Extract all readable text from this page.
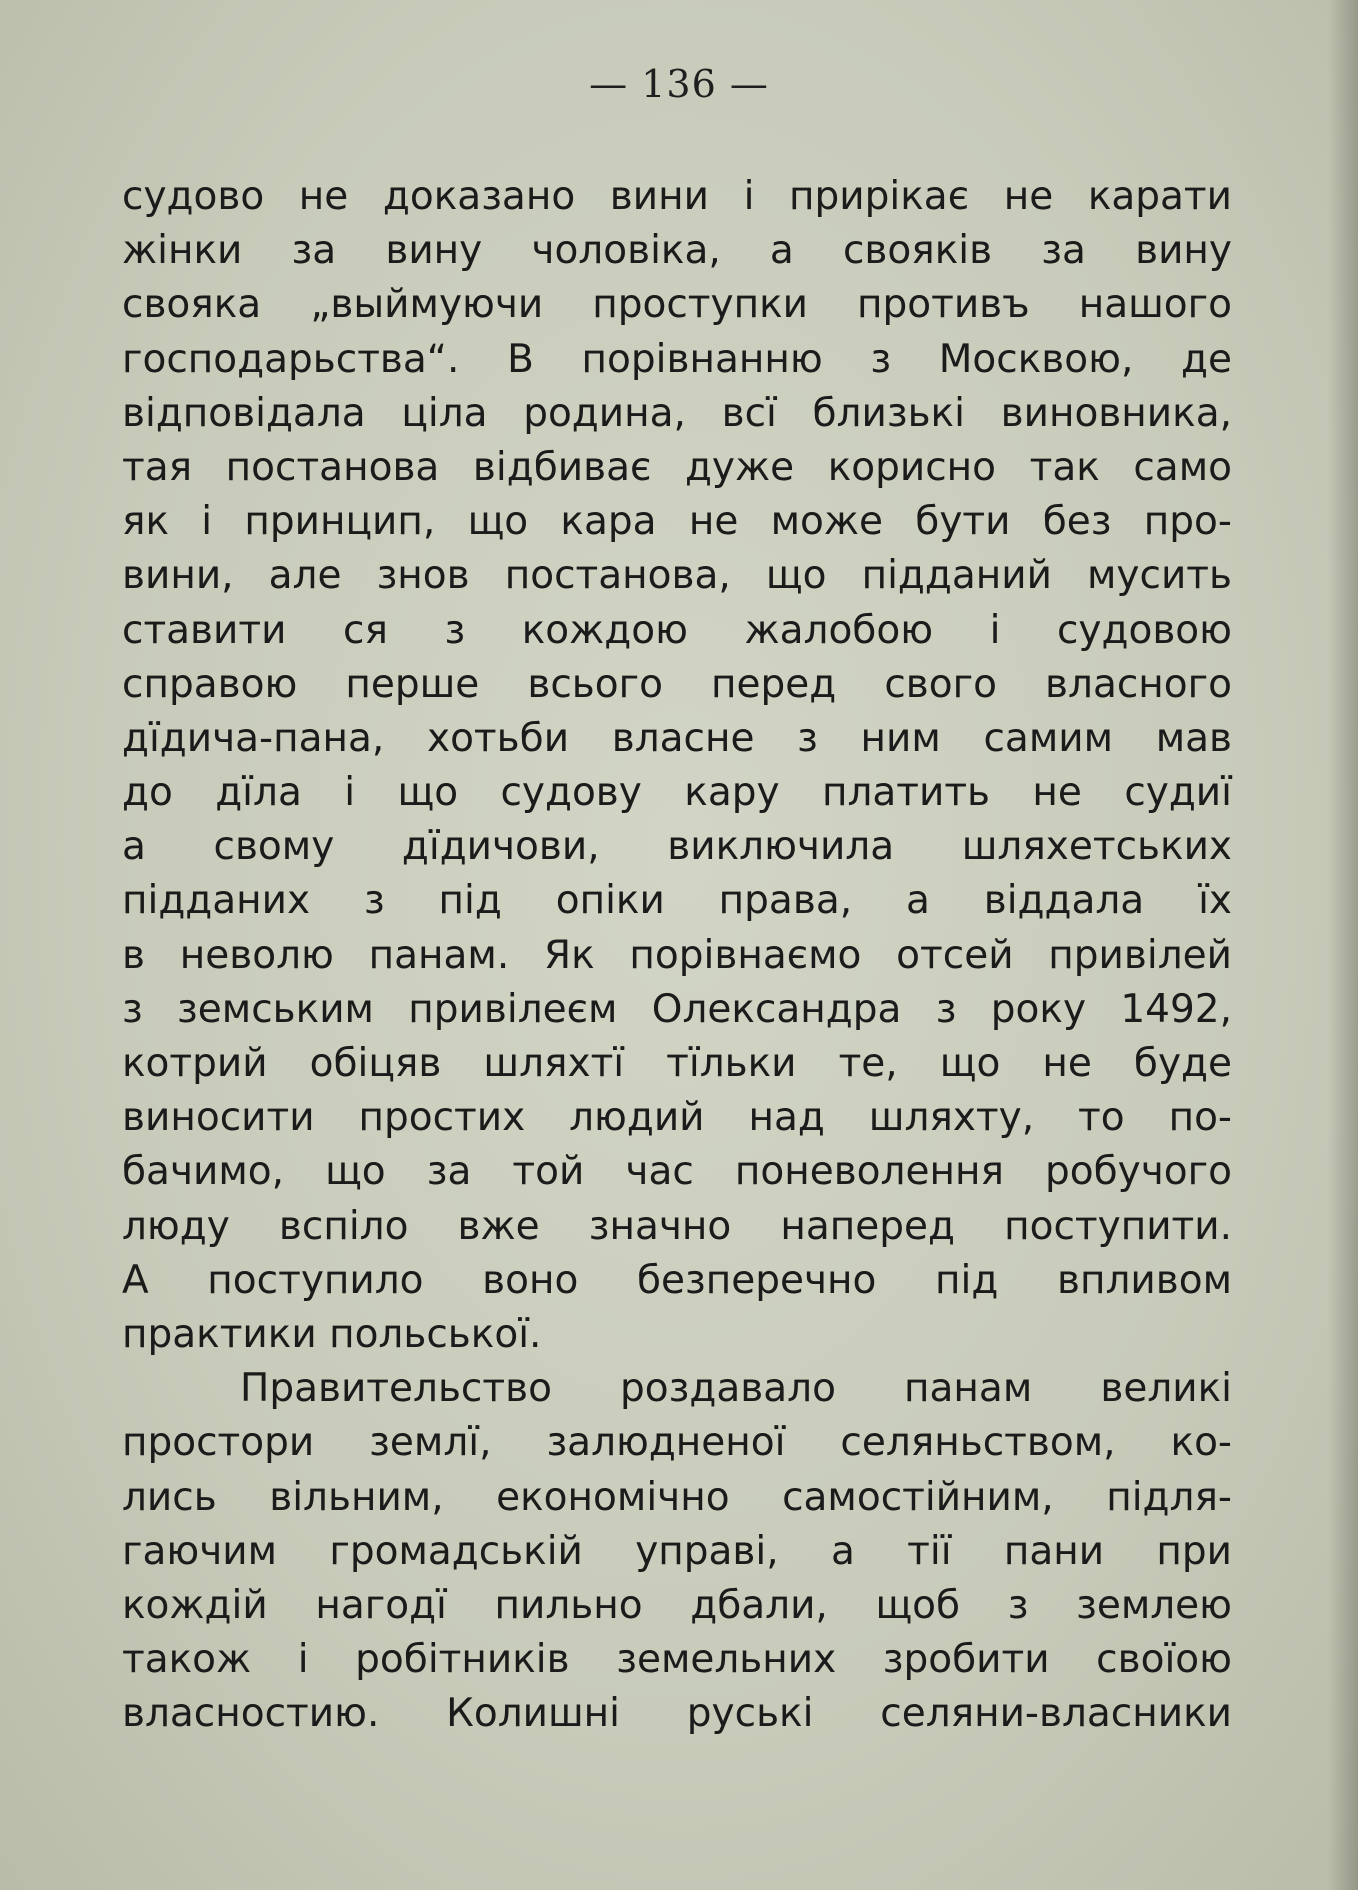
— 136 —
судово не доказано вини і прирікає не карати
жінки за вину чоловіка, а свояків за вину
свояка „выймуючи проступки противъ нашого
господарьства“. В порівнанню з Москвою, де
відповідала ціла родина, всї близькі виновника,
тая постанова відбиває дуже корисно так само
як і принцип, що кара не може бути без про-
вини, але знов постанова, що підданий мусить
ставити ся з кождою жалобою і судовою
справою перше всього перед свого власного
дїдича-пана, хотьби власне з ним самим мав
до дїла і що судову кару платить не судиї
а свому дїдичови, виключила шляхетських
підданих з під опіки права, а віддала їх
в неволю панам. Як порівнаємо отсей привілей
з земським привілеєм Олександра з року 1492,
котрий обіцяв шляхтї тїльки те, що не буде
виносити простих людий над шляхту, то по-
бачимо, що за той час поневолення робучого
люду вспіло вже значно наперед поступити.
А поступило воно безперечно під впливом
практики польської.
Правительство роздавало панам великі
простори землї, залюдненої селяньством, ко-
лись вільним, економічно самостійним, підля-
гаючим громадській управі, а тії пани при
кождій нагодї пильно дбали, щоб з землею
також і робітників земельних зробити своїою
власностию. Колишні руські селяни-власники
